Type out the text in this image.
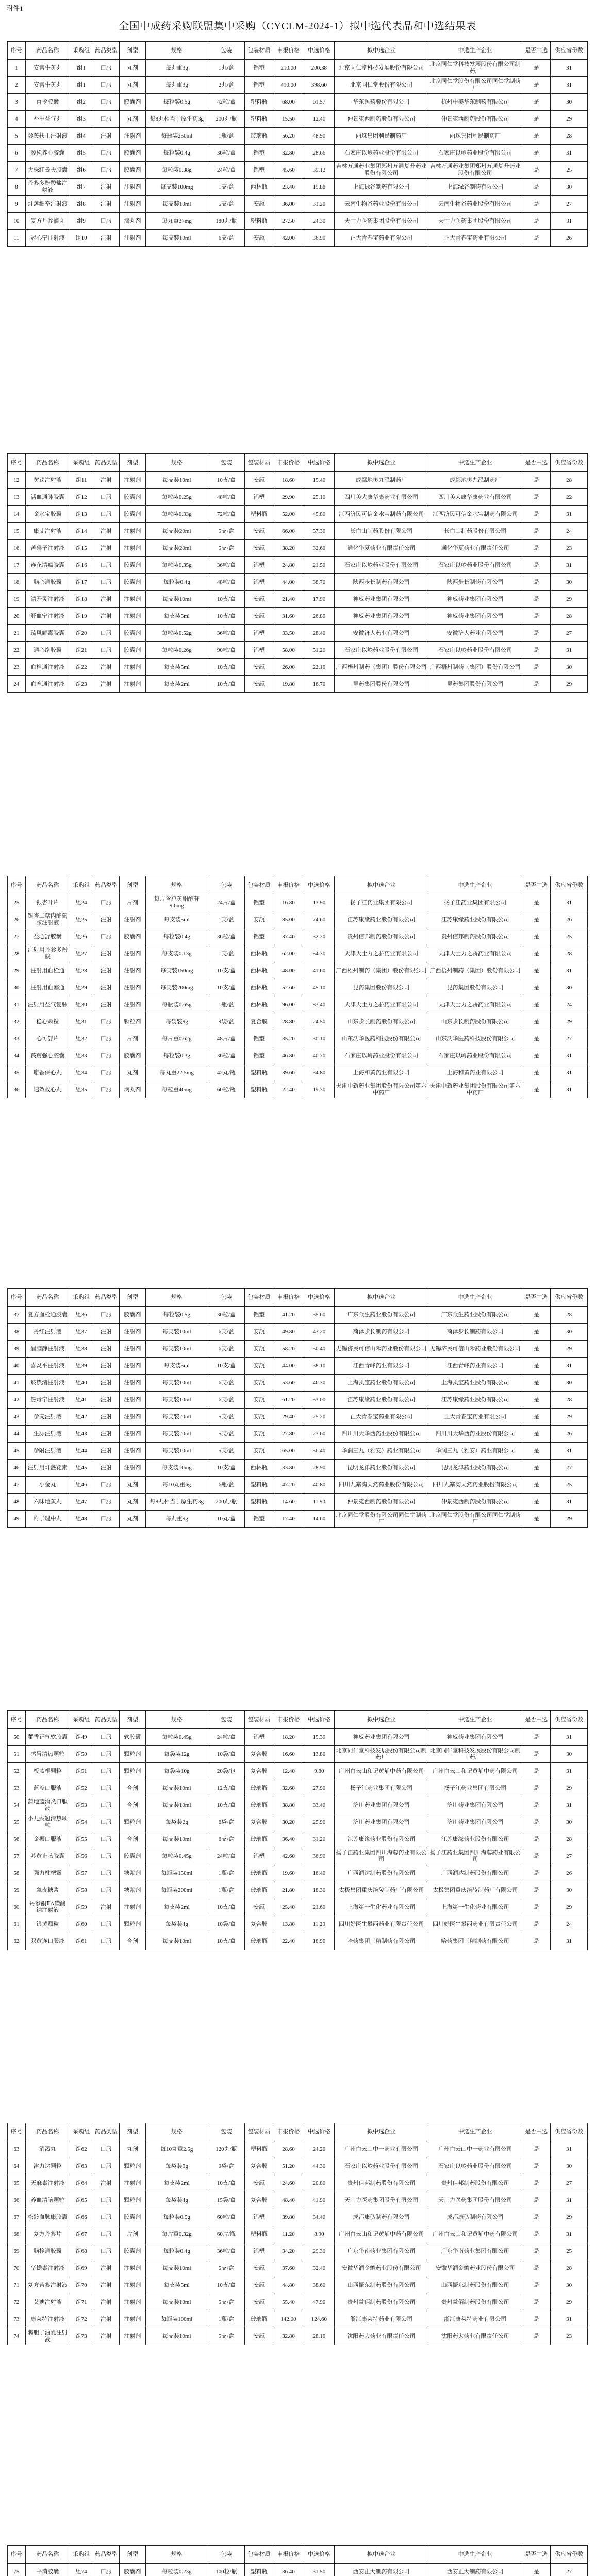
附件1
全国中成药采购联盟集中采购（CYCLM-2024-1）拟中选代表品和中选结果表
序号	药品名称	采购组	药品类型	剂型	规格	包装	包装材质	申报价格	中选价格	拟中选企业	中选生产企业	是否中选	供应省份数
1	安宫牛黄丸	组1	口服	丸剂	每丸重3g	1丸/盒	铝塑	210.00	200.38	北京同仁堂科技发展股份有限公司	北京同仁堂科技发展股份有限公司制药厂	是	31
2	安宫牛黄丸	组1	口服	丸剂	每丸重3g	2丸/盒	铝塑	410.00	398.60	北京同仁堂股份有限公司	北京同仁堂股份有限公司同仁堂制药厂	是	31
3	百令胶囊	组2	口服	胶囊剂	每粒装0.5g	42粒/盒	塑料瓶	68.00	61.57	华东医药股份有限公司	杭州中美华东制药有限公司	是	30
4	补中益气丸	组3	口服	丸剂	每8丸相当于原生药3g	200丸/瓶	塑料瓶	15.50	12.40	仲景宛西制药股份有限公司	仲景宛西制药股份有限公司	是	29
5	参芪扶正注射液	组4	注射	注射剂	每瓶装250ml	1瓶/盒	玻璃瓶	56.20	48.90	丽珠集团利民制药厂	丽珠集团利民制药厂	是	28
6	参松养心胶囊	组5	口服	胶囊剂	每粒装0.4g	36粒/盒	铝塑	32.80	28.66	石家庄以岭药业股份有限公司	石家庄以岭药业股份有限公司	是	31
7	大株红景天胶囊	组6	口服	胶囊剂	每粒装0.38g	24粒/盒	铝塑	45.60	39.12	吉林万通药业集团郑州万通复升药业股份有限公司	吉林万通药业集团郑州万通复升药业股份有限公司	是	25
8	丹参多酚酸盐注射液	组7	注射	注射剂	每支装100mg	1支/盒	西林瓶	23.40	19.88	上海绿谷制药有限公司	上海绿谷制药有限公司	是	30
9	灯盏细辛注射液	组8	注射	注射剂	每支装10ml	5支/盒	安瓿	36.00	31.20	云南生物谷药业股份有限公司	云南生物谷药业股份有限公司	是	27
10	复方丹参滴丸	组9	口服	滴丸剂	每丸重27mg	180丸/瓶	塑料瓶	27.50	24.30	天士力医药集团股份有限公司	天士力医药集团股份有限公司	是	31
11	冠心宁注射液	组10	注射	注射剂	每支装10ml	6支/盒	安瓿	42.00	36.90	正大青春宝药业有限公司	正大青春宝药业有限公司	是	26
序号	药品名称	采购组	药品类型	剂型	规格	包装	包装材质	申报价格	中选价格	拟中选企业	中选生产企业	是否中选	供应省份数
12	黄芪注射液	组11	注射	注射剂	每支装10ml	10支/盒	安瓿	18.60	15.40	成都地奥九泓制药厂	成都地奥九泓制药厂	是	28
13	活血通脉胶囊	组12	口服	胶囊剂	每粒装0.25g	48粒/盒	铝塑	29.90	25.10	四川美大康华康药业有限公司	四川美大康华康药业有限公司	是	22
14	金水宝胶囊	组13	口服	胶囊剂	每粒装0.33g	72粒/盒	塑料瓶	52.00	45.80	江西济民可信金水宝制药有限公司	江西济民可信金水宝制药有限公司	是	31
15	康艾注射液	组14	注射	注射剂	每支装20ml	5支/盒	安瓿	66.00	57.30	长白山制药股份有限公司	长白山制药股份有限公司	是	24
16	苦碟子注射液	组15	注射	注射剂	每支装20ml	5支/盒	安瓿	38.20	32.60	通化华夏药业有限责任公司	通化华夏药业有限责任公司	是	23
17	连花清瘟胶囊	组16	口服	胶囊剂	每粒装0.35g	36粒/盒	铝塑	24.80	21.50	石家庄以岭药业股份有限公司	石家庄以岭药业股份有限公司	是	31
18	脑心通胶囊	组17	口服	胶囊剂	每粒装0.4g	48粒/盒	铝塑	44.00	38.70	陕西步长制药有限公司	陕西步长制药有限公司	是	30
19	清开灵注射液	组18	注射	注射剂	每支装10ml	10支/盒	安瓿	21.40	17.90	神威药业集团有限公司	神威药业集团有限公司	是	29
20	舒血宁注射液	组19	注射	注射剂	每支装5ml	10支/盒	安瓿	31.60	26.80	神威药业集团有限公司	神威药业集团有限公司	是	28
21	疏风解毒胶囊	组20	口服	胶囊剂	每粒装0.52g	36粒/盒	铝塑	33.50	28.40	安徽济人药业有限公司	安徽济人药业有限公司	是	27
22	通心络胶囊	组21	口服	胶囊剂	每粒装0.26g	90粒/盒	铝塑	58.00	51.20	石家庄以岭药业股份有限公司	石家庄以岭药业股份有限公司	是	31
23	血栓通注射液	组22	注射	注射剂	每支装5ml	10支/盒	安瓿	26.00	22.10	广西梧州制药（集团）股份有限公司	广西梧州制药（集团）股份有限公司	是	30
24	血塞通注射液	组23	注射	注射剂	每支装2ml	10支/盒	安瓿	19.80	16.70	昆药集团股份有限公司	昆药集团股份有限公司	是	29
序号	药品名称	采购组	药品类型	剂型	规格	包装	包装材质	申报价格	中选价格	拟中选企业	中选生产企业	是否中选	供应省份数
25	银杏叶片	组24	口服	片剂	每片含总黄酮醇苷9.6mg	24片/盒	铝塑	16.80	13.90	扬子江药业集团有限公司	扬子江药业集团有限公司	是	31
26	银杏二萜内酯葡胺注射液	组25	注射	注射剂	每支装5ml	1支/盒	安瓿	85.00	74.60	江苏康缘药业股份有限公司	江苏康缘药业股份有限公司	是	26
27	益心舒胶囊	组26	口服	胶囊剂	每粒装0.4g	36粒/盒	铝塑	37.40	32.20	贵州信邦制药股份有限公司	贵州信邦制药股份有限公司	是	25
28	注射用丹参多酚酸	组27	注射	注射剂	每支装0.13g	1支/盒	西林瓶	62.00	54.30	天津天士力之骄药业有限公司	天津天士力之骄药业有限公司	是	28
29	注射用血栓通	组28	注射	注射剂	每支装150mg	10支/盒	西林瓶	48.00	41.60	广西梧州制药（集团）股份有限公司	广西梧州制药（集团）股份有限公司	是	31
30	注射用血塞通	组29	注射	注射剂	每支装200mg	10支/盒	西林瓶	52.60	45.10	昆药集团股份有限公司	昆药集团股份有限公司	是	30
31	注射用益气复脉	组30	注射	注射剂	每瓶装0.65g	1瓶/盒	西林瓶	96.00	83.40	天津天士力之骄药业有限公司	天津天士力之骄药业有限公司	是	24
32	稳心颗粒	组31	口服	颗粒剂	每袋装9g	9袋/盒	复合膜	28.80	24.50	山东步长制药股份有限公司	山东步长制药股份有限公司	是	29
33	心可舒片	组32	口服	片剂	每片重0.62g	48片/盒	铝塑	35.20	30.10	山东沃华医药科技股份有限公司	山东沃华医药科技股份有限公司	是	27
34	芪苈强心胶囊	组33	口服	胶囊剂	每粒装0.3g	36粒/盒	铝塑	46.80	40.70	石家庄以岭药业股份有限公司	石家庄以岭药业股份有限公司	是	31
35	麝香保心丸	组34	口服	丸剂	每丸重22.5mg	42丸/瓶	塑料瓶	39.60	34.80	上海和黄药业有限公司	上海和黄药业有限公司	是	31
36	速效救心丸	组35	口服	滴丸剂	每粒重40mg	60粒/瓶	塑料瓶	22.40	19.30	天津中新药业集团股份有限公司第六中药厂	天津中新药业集团股份有限公司第六中药厂	是	31
序号	药品名称	采购组	药品类型	剂型	规格	包装	包装材质	申报价格	中选价格	拟中选企业	中选生产企业	是否中选	供应省份数
37	复方血栓通胶囊	组36	口服	胶囊剂	每粒装0.5g	30粒/盒	铝塑	41.20	35.60	广东众生药业股份有限公司	广东众生药业股份有限公司	是	28
38	丹红注射液	组37	注射	注射剂	每支装10ml	6支/盒	安瓿	49.80	43.20	菏泽步长制药有限公司	菏泽步长制药有限公司	是	30
39	醒脑静注射液	组38	注射	注射剂	每支装10ml	6支/盒	安瓿	58.20	50.40	无锡济民可信山禾药业股份有限公司	无锡济民可信山禾药业股份有限公司	是	29
40	喜炎平注射液	组39	注射	注射剂	每支装5ml	10支/盒	安瓿	44.00	38.10	江西青峰药业有限公司	江西青峰药业有限公司	是	31
41	痰热清注射液	组40	注射	注射剂	每支装10ml	6支/盒	安瓿	53.60	46.30	上海凯宝药业股份有限公司	上海凯宝药业股份有限公司	是	30
42	热毒宁注射液	组41	注射	注射剂	每支装10ml	6支/盒	安瓿	61.20	53.00	江苏康缘药业股份有限公司	江苏康缘药业股份有限公司	是	28
43	参麦注射液	组42	注射	注射剂	每支装20ml	5支/盒	安瓿	29.40	25.20	正大青春宝药业有限公司	正大青春宝药业有限公司	是	29
44	生脉注射液	组43	注射	注射剂	每支装20ml	5支/盒	安瓿	27.80	23.60	四川川大华西药业股份有限公司	四川川大华西药业股份有限公司	是	26
45	参附注射液	组44	注射	注射剂	每支装10ml	5支/盒	安瓿	65.00	56.40	华润三九（雅安）药业有限公司	华润三九（雅安）药业有限公司	是	31
46	注射用灯盏花素	组45	注射	注射剂	每支装10mg	10支/盒	西林瓶	33.80	28.90	昆明龙津药业股份有限公司	昆明龙津药业股份有限公司	是	27
47	小金丸	组46	口服	丸剂	每10丸重6g	6瓶/盒	塑料瓶	47.20	40.80	四川九寨沟天然药业股份有限公司	四川九寨沟天然药业股份有限公司	是	25
48	六味地黄丸	组47	口服	丸剂	每8丸相当于原生药3g	200丸/瓶	塑料瓶	14.60	11.90	仲景宛西制药股份有限公司	仲景宛西制药股份有限公司	是	31
49	附子理中丸	组48	口服	丸剂	每丸重9g	10丸/盒	铝塑	17.40	14.60	北京同仁堂股份有限公司同仁堂制药厂	北京同仁堂股份有限公司同仁堂制药厂	是	29
序号	药品名称	采购组	药品类型	剂型	规格	包装	包装材质	申报价格	中选价格	拟中选企业	中选生产企业	是否中选	供应省份数
50	藿香正气软胶囊	组49	口服	软胶囊	每粒装0.45g	24粒/盒	铝塑	18.20	15.30	神威药业集团有限公司	神威药业集团有限公司	是	31
51	感冒清热颗粒	组50	口服	颗粒剂	每袋装12g	10袋/盒	复合膜	16.60	13.80	北京同仁堂科技发展股份有限公司制药厂	北京同仁堂科技发展股份有限公司制药厂	是	30
52	板蓝根颗粒	组51	口服	颗粒剂	每袋装10g	20袋/包	复合膜	12.40	9.80	广州白云山和记黄埔中药有限公司	广州白云山和记黄埔中药有限公司	是	31
53	蓝芩口服液	组52	口服	合剂	每支装10ml	12支/盒	玻璃瓶	32.60	27.90	扬子江药业集团有限公司	扬子江药业集团有限公司	是	29
54	蒲地蓝消炎口服液	组53	口服	合剂	每支装10ml	10支/盒	玻璃瓶	38.80	33.40	济川药业集团有限公司	济川药业集团有限公司	是	31
55	小儿豉翘清热颗粒	组54	口服	颗粒剂	每袋装2g	6袋/盒	复合膜	30.20	25.90	济川药业集团有限公司	济川药业集团有限公司	是	30
56	金振口服液	组55	口服	合剂	每支装10ml	6支/盒	玻璃瓶	36.40	31.20	江苏康缘药业股份有限公司	江苏康缘药业股份有限公司	是	28
57	苏黄止咳胶囊	组56	口服	胶囊剂	每粒装0.45g	24粒/盒	铝塑	42.60	36.90	扬子江药业集团四川海蓉药业有限公司	扬子江药业集团四川海蓉药业有限公司	是	27
58	强力枇杷露	组57	口服	糖浆剂	每瓶装150ml	1瓶/盒	玻璃瓶	19.60	16.40	广西润达制药股份有限公司	广西润达制药股份有限公司	是	26
59	急支糖浆	组58	口服	糖浆剂	每瓶装200ml	1瓶/盒	玻璃瓶	21.80	18.30	太极集团重庆涪陵制药厂有限公司	太极集团重庆涪陵制药厂有限公司	是	30
60	丹参酮ⅡA磺酸钠注射液	组59	注射	注射剂	每支装2ml	10支/盒	安瓿	25.40	21.60	上海第一生化药业有限公司	上海第一生化药业有限公司	是	29
61	银黄颗粒	组60	口服	颗粒剂	每袋装4g	10袋/盒	复合膜	13.80	11.20	四川好医生攀西药业有限责任公司	四川好医生攀西药业有限责任公司	是	24
62	双黄连口服液	组61	口服	合剂	每支装10ml	10支/盒	玻璃瓶	22.40	18.90	哈药集团三精制药有限公司	哈药集团三精制药有限公司	是	31
序号	药品名称	采购组	药品类型	剂型	规格	包装	包装材质	申报价格	中选价格	拟中选企业	中选生产企业	是否中选	供应省份数
63	消渴丸	组62	口服	丸剂	每10丸重2.5g	120丸/瓶	塑料瓶	28.60	24.20	广州白云山中一药业有限公司	广州白云山中一药业有限公司	是	31
64	津力达颗粒	组63	口服	颗粒剂	每袋装9g	9袋/盒	复合膜	51.20	44.30	石家庄以岭药业股份有限公司	石家庄以岭药业股份有限公司	是	30
65	天麻素注射液	组64	注射	注射剂	每支装2ml	10支/盒	安瓿	24.60	20.80	贵州信邦制药股份有限公司	贵州信邦制药股份有限公司	是	27
66	养血清脑颗粒	组65	口服	颗粒剂	每袋装4g	15袋/盒	复合膜	48.40	41.90	天士力医药集团股份有限公司	天士力医药集团股份有限公司	是	31
67	松龄血脉康胶囊	组66	口服	胶囊剂	每粒装0.5g	60粒/盒	铝塑	39.80	34.40	成都康弘制药有限公司	成都康弘制药有限公司	是	29
68	复方丹参片	组67	口服	片剂	每片重0.32g	60片/瓶	塑料瓶	11.20	8.90	广州白云山和记黄埔中药有限公司	广州白云山和记黄埔中药有限公司	是	31
69	脑栓通胶囊	组68	口服	胶囊剂	每粒装0.4g	36粒/盒	铝塑	34.20	29.30	广东华南药业集团有限公司	广东华南药业集团有限公司	是	25
70	华蟾素注射液	组69	注射	注射剂	每支装10ml	5支/盒	安瓿	37.60	32.40	安徽华润金蟾药业股份有限公司	安徽华润金蟾药业股份有限公司	是	28
71	复方苦参注射液	组70	注射	注射剂	每支装5ml	10支/盒	安瓿	44.80	38.60	山西振东制药股份有限公司	山西振东制药股份有限公司	是	30
72	艾迪注射液	组71	注射	注射剂	每支装10ml	5支/盒	安瓿	55.40	47.90	贵州益佰制药股份有限公司	贵州益佰制药股份有限公司	是	29
73	康莱特注射液	组72	注射	注射剂	每瓶装100ml	1瓶/盒	玻璃瓶	142.00	124.60	浙江康莱特药业有限公司	浙江康莱特药业有限公司	是	31
74	鸦胆子油乳注射液	组73	注射	注射剂	每支装10ml	5支/盒	安瓿	32.80	28.10	沈阳药大药业有限责任公司	沈阳药大药业有限责任公司	是	23
序号	药品名称	采购组	药品类型	剂型	规格	包装	包装材质	申报价格	中选价格	拟中选企业	中选生产企业	是否中选	供应省份数
75	平消胶囊	组74	口服	胶囊剂	每粒装0.23g	100粒/瓶	塑料瓶	36.40	31.50	西安正大制药有限公司	西安正大制药有限公司	是	27
